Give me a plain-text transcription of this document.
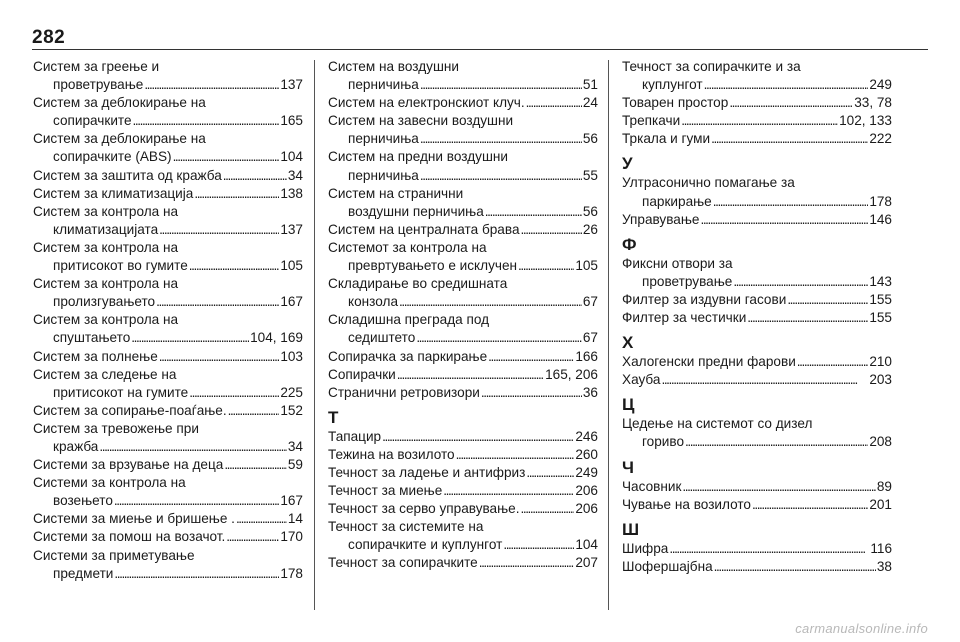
282
Систем за греење и
проветрување . . .	137
Систем за деблокирање на
сопирачките . . .	165
Систем за деблокирање на
сопирачките (ABS) . . .	104
Систем за заштита од кражба . . .	34
Систем за климатизација . . .	138
Систем за контрола на
климатизацијата . . .	137
Систем за контрола на
притисокот во гумите . . .	105
Систем за контрола на
пролизгувањето . . .	167
Систем за контрола на
спуштањето . . .	104, 169
Систем за полнење . . .	103
Систем за следење на
притисокот на гумите . . .	225
Систем за сопирање-поаѓање. . . .	152
Систем за тревожење при
кражба . . .	34
Системи за врзување на деца . . .	59
Системи за контрола на
возењето . . .	167
Системи за миење и бришење . . . .	14
Системи за помош на возачот. . . .	170
Системи за приметување
предмети . . .	178
Систем на воздушни
перничиња . . .	51
Систем на електронскиот клуч. . . .	24
Систем на завесни воздушни
перничиња . . .	56
Систем на предни воздушни
перничиња . . .	55
Систем на странични
воздушни перничиња . . .	56
Систем на централната брава . . .	26
Системот за контрола на
превртувањето е исклучен . . .	105
Складирање во средишната
конзола . . .	67
Складишна преграда под
седиштето . . .	67
Сопирачка за паркирање . . .	166
Сопирачки . . .	165, 206
Странични ретровизори . . .	36
Т
Тапацир . . .	246
Тежина на возилото . . .	260
Течност за ладење и антифриз . . .	249
Течност за миење . . .	206
Течност за серво управување. . . .	206
Течност за системите на
сопирачките и куплунгот . . .	104
Течност за сопирачките . . .	207
Течност за сопирачките и за
куплунгот . . .	249
Товарен простор . . .	33, 78
Трепкачи . . .	102, 133
Тркала и гуми . . .	222
У
Ултрасонично помагање за
паркирање . . .	178
Управување . . .	146
Ф
Фиксни отвори за
проветрување . . .	143
Филтер за издувни гасови . . .	155
Филтер за честички . . .	155
Х
Халогенски предни фарови . . .	210
Хауба . . .	203
Ц
Цедење на системот со дизел
гориво . . .	208
Ч
Часовник . . .	89
Чување на возилото . . .	201
Ш
Шифра . . .	116
Шофершајбна . . .	38
carmanualsonline.info
